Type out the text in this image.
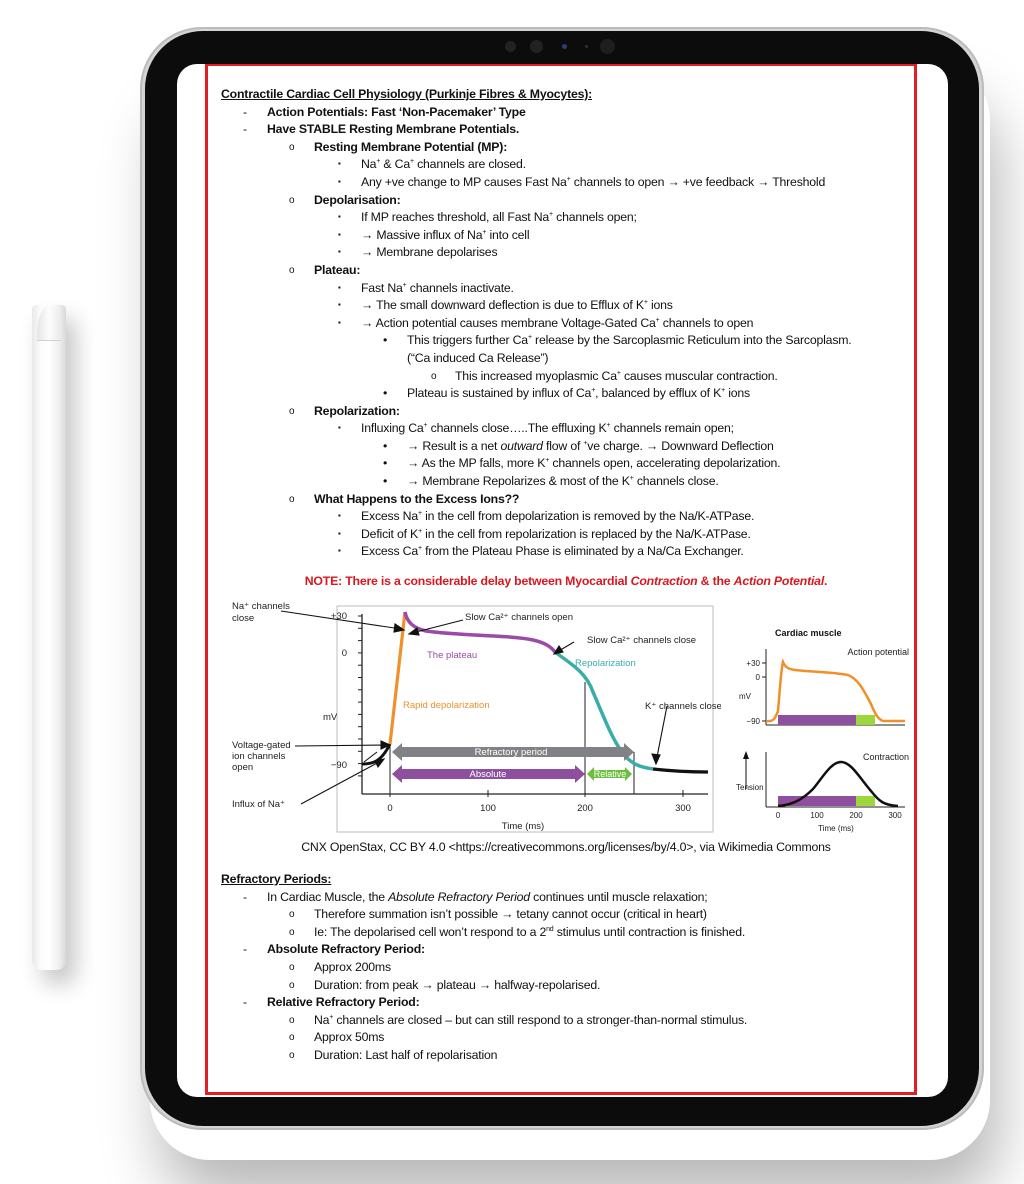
Contractile Cardiac Cell Physiology (Purkinje Fibres & Myocytes):
- Action Potentials: Fast ‘Non-Pacemaker’ Type
- Have STABLE Resting Membrane Potentials.
o Resting Membrane Potential (MP):
▪ Na+ & Ca+ channels are closed.
▪ Any +ve change to MP causes Fast Na+ channels to open → +ve feedback → Threshold
o Depolarisation:
▪ If MP reaches threshold, all Fast Na+ channels open;
▪ → Massive influx of Na+ into cell
▪ → Membrane depolarises
o Plateau:
▪ Fast Na+ channels inactivate.
▪ → The small downward deflection is due to Efflux of K+ ions
▪ → Action potential causes membrane Voltage-Gated Ca+ channels to open
• This triggers further Ca+ release by the Sarcoplasmic Reticulum into the Sarcoplasm.
(“Ca induced Ca Release”)
o This increased myoplasmic Ca+ causes muscular contraction.
• Plateau is sustained by influx of Ca+, balanced by efflux of K+ ions
o Repolarization:
▪ Influxing Ca+ channels close…..The effluxing K+ channels remain open;
• → Result is a net outward flow of +ve charge. → Downward Deflection
• → As the MP falls, more K+ channels open, accelerating depolarization.
• → Membrane Repolarizes & most of the K+ channels close.
o What Happens to the Excess Ions??
▪ Excess Na+ in the cell from depolarization is removed by the Na/K-ATPase.
▪ Deficit of K+ in the cell from repolarization is replaced by the Na/K-ATPase.
▪ Excess Ca+ from the Plateau Phase is eliminated by a Na/Ca Exchanger.
NOTE: There is a considerable delay between Myocardial Contraction & the Action Potential.
+30
0
−90
mV
0	100	200	300
Time (ms)
Na⁺ channels
close	Slow Ca²⁺ channels open
Slow Ca²⁺ channels close
K⁺ channels close
Voltage-gated
ion channels
open
Influx of Na⁺
The plateau
Repolarization
Rapid depolarization
Refractory period
Absolute	Relative
Cardiac muscle
Action potential
+30
0
−90
mV
Contraction
Tension
0	100	200	300
Time (ms)
CNX OpenStax, CC BY 4.0 <https://creativecommons.org/licenses/by/4.0>, via Wikimedia Commons
Refractory Periods:
- In Cardiac Muscle, the Absolute Refractory Period continues until muscle relaxation;
o Therefore summation isn’t possible → tetany cannot occur (critical in heart)
o Ie: The depolarised cell won’t respond to a 2nd stimulus until contraction is finished.
- Absolute Refractory Period:
o Approx 200ms
o Duration: from peak → plateau → halfway-repolarised.
- Relative Refractory Period:
o Na+ channels are closed – but can still respond to a stronger-than-normal stimulus.
o Approx 50ms
o Duration: Last half of repolarisation
